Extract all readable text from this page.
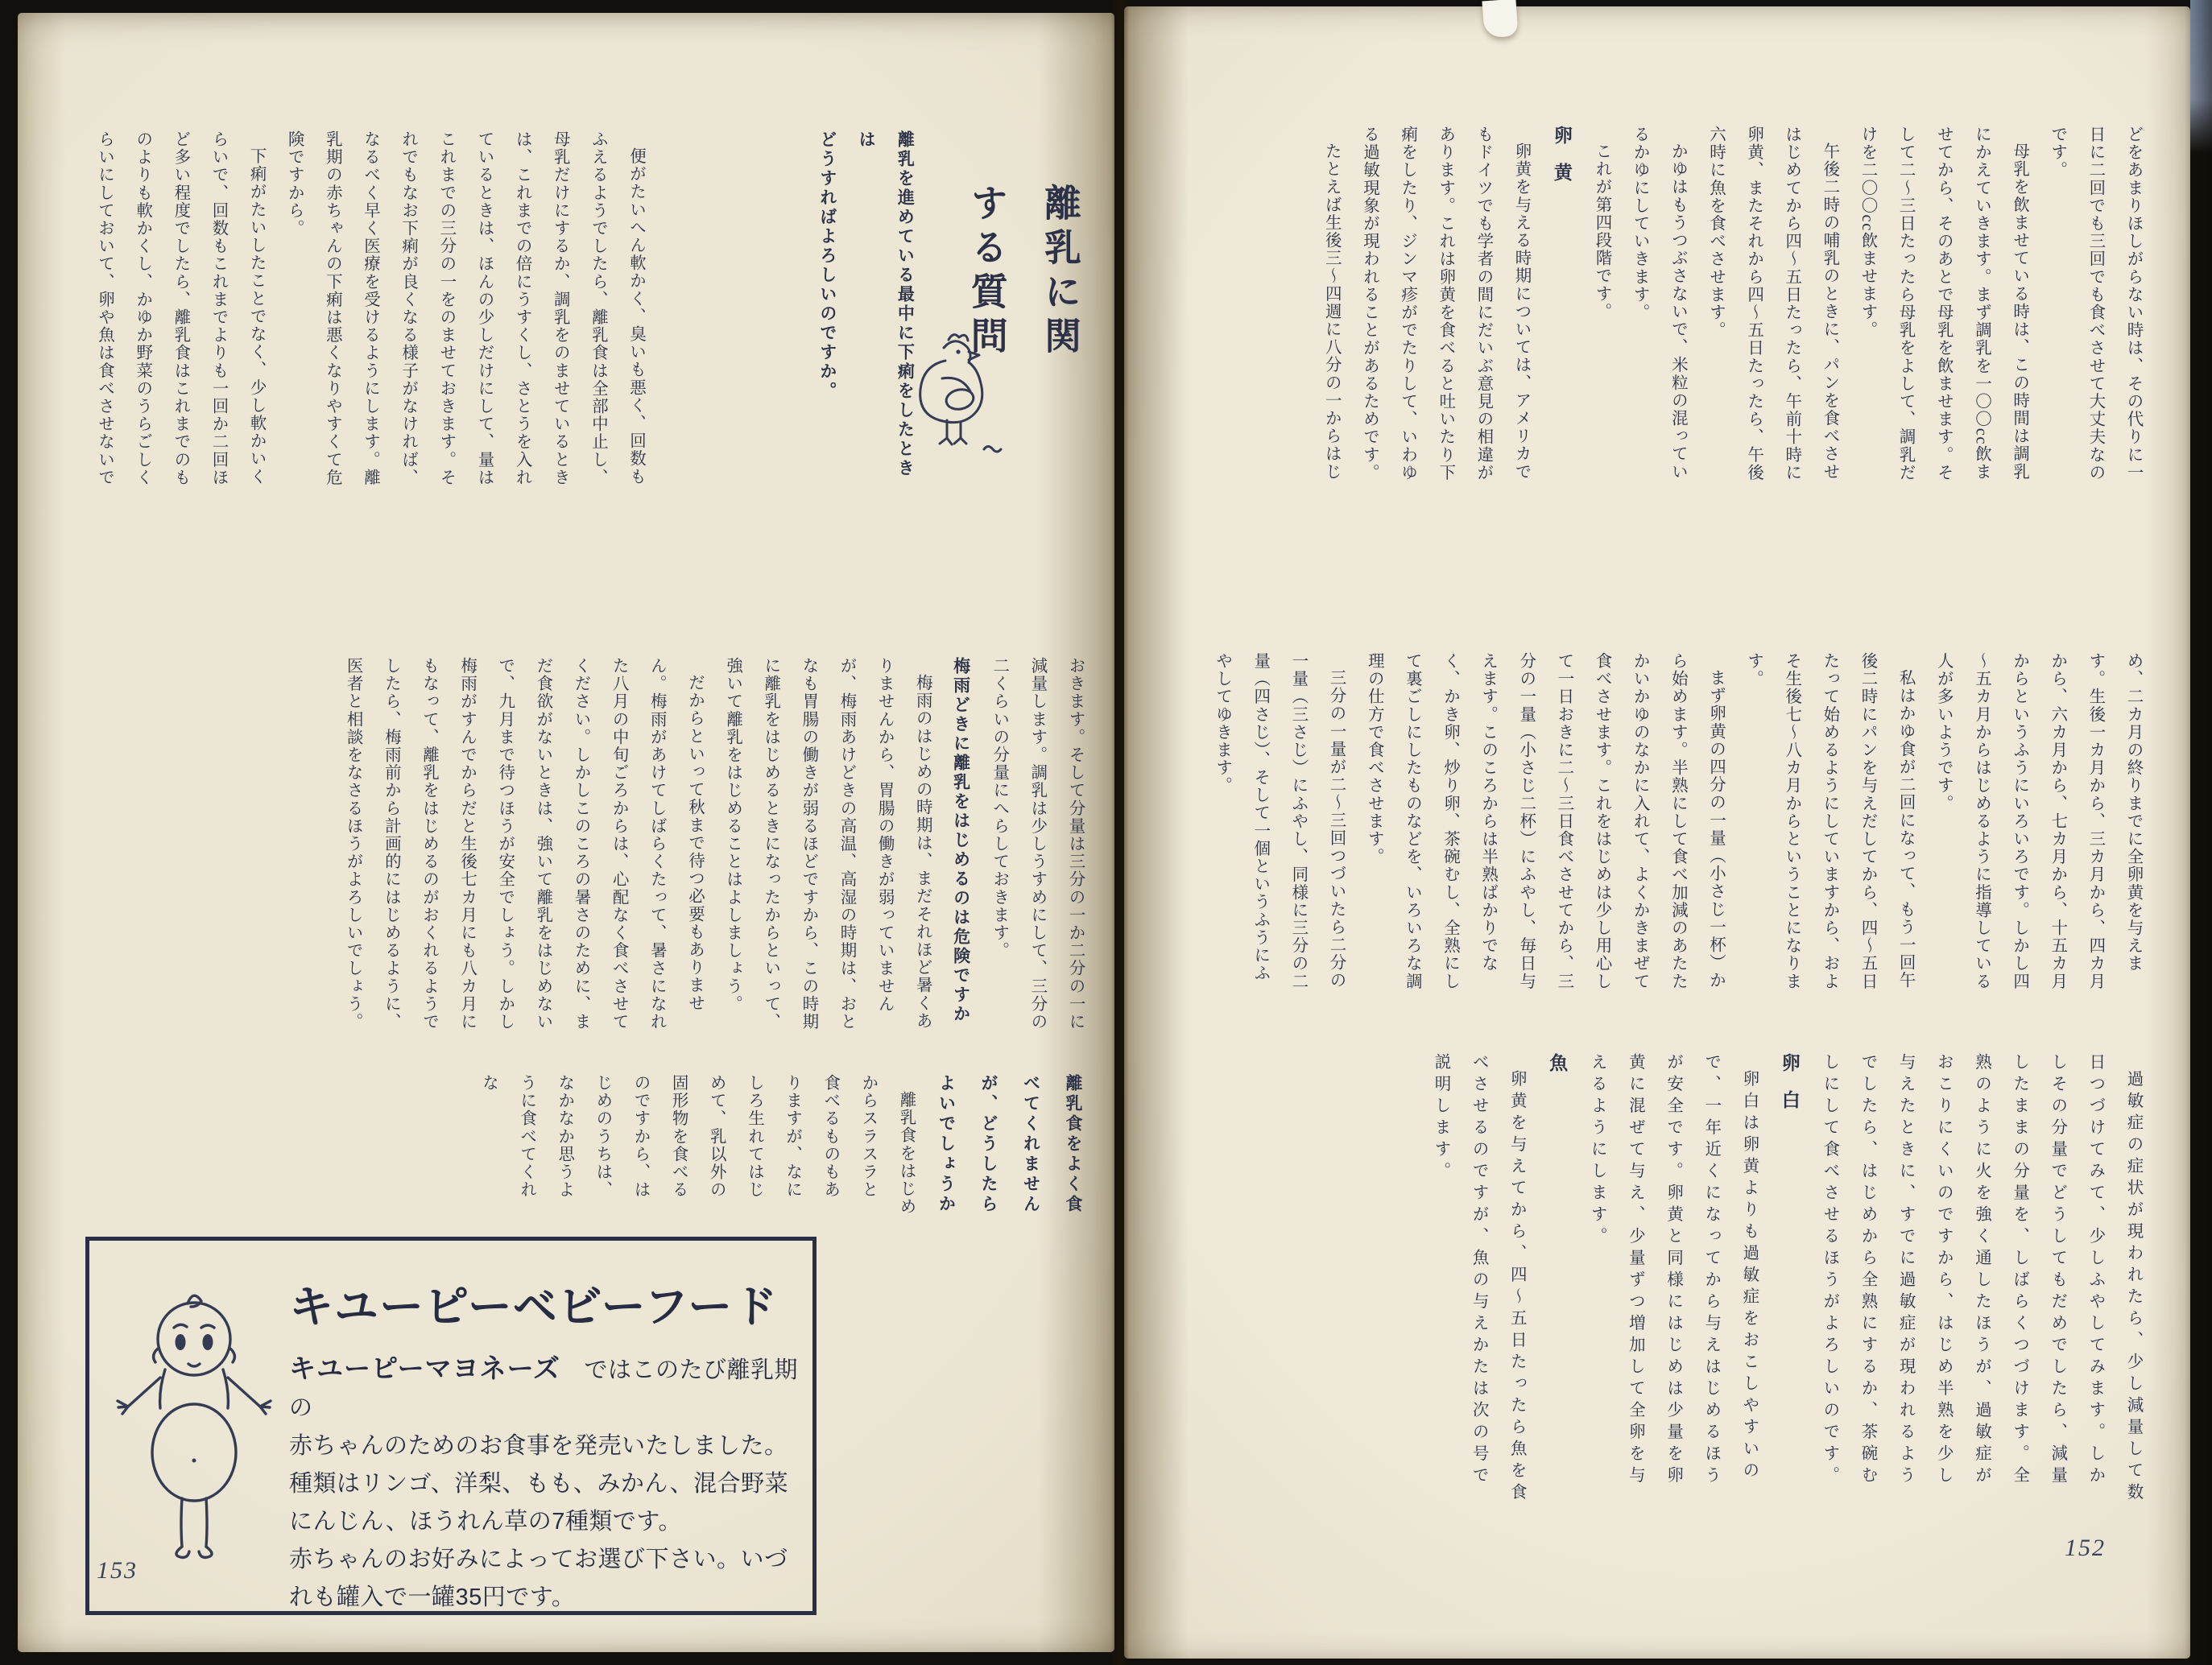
どをあまりほしがらない時は、その代りに一日に二回でも三回でも食べさせて大丈夫なのです。

母乳を飲ませている時は、この時間は調乳にかえていきます。まず調乳を一〇〇cc飲ませてから、そのあとで母乳を飲ませます。そして二～三日たったら母乳をよして、調乳だけを二〇〇cc飲ませます。

午後二時の哺乳のときに、パンを食べさせはじめてから四～五日たったら、午前十時に卵黄、またそれから四～五日たったら、午後六時に魚を食べさせます。

かゆはもうつぶさないで、米粒の混っているかゆにしていきます。

これが第四段階です。

卵黄

卵黄を与える時期については、アメリカでもドイツでも学者の間にだいぶ意見の相違があります。これは卵黄を食べると吐いたり下痢をしたり、ジンマ疹がでたりして、いわゆる過敏現象が現われることがあるためです。

たとえば生後三～四週に八分の一からはじ

め、二カ月の終りまでに全卵黄を与えます。生後一カ月から、三カ月から、四カ月から、六カ月から、七カ月から、十五カ月からというふうにいろいろです。しかし四～五カ月からはじめるように指導している人が多いようです。

私はかゆ食が二回になって、もう一回午後二時にパンを与えだしてから、四～五日たって始めるようにしていますから、およそ生後七～八カ月からということになります。

まず卵黄の四分の一量（小さじ一杯）から始めます。半熟にして食べ加減のあたたかいかゆのなかに入れて、よくかきまぜて食べさせます。これをはじめは少し用心して一日おきに二～三日食べさせてから、三分の一量（小さじ二杯）にふやし、毎日与えます。このころからは半熟ばかりでなく、かき卵、炒り卵、茶碗むし、全熟にして裏ごしにしたものなどを、いろいろな調理の仕方で食べさせます。

三分の一量が二～三回つづいたら二分の一量（三さじ）にふやし、同様に三分の二量（四さじ）、そして一個というふうにふやしてゆきます。

過敏症の症状が現われたら、少し減量して数日つづけてみて、少しふやしてみます。しかしその分量でどうしてもだめでしたら、減量したままの分量を、しばらくつづけます。全熟のように火を強く通したほうが、過敏症がおこりにくいのですから、はじめ半熟を少し与えたときに、すでに過敏症が現われるようでしたら、はじめから全熟にするか、茶碗むしにして食べさせるほうがよろしいのです。

卵白

卵白は卵黄よりも過敏症をおこしやすいので、一年近くになってから与えはじめるほうが安全です。卵黄と同様にはじめは少量を卵黄に混ぜて与え、少量ずつ増加して全卵を与えるようにします。

魚

卵黄を与えてから、四～五日たったら魚を食べさせるのですが、魚の与えかたは次の号で説明します。

152

離乳に関

する質問

離乳を進めている最中に下痢をしたときは

どうすればよろしいのですか。

便がたいへん軟かく、臭いも悪く、回数もふえるようでしたら、離乳食は全部中止し、母乳だけにするか、調乳をのませているときは、これまでの倍にうすくし、さとうを入れているときは、ほんの少しだけにして、量はこれまでの三分の一をのませておきます。それでもなお下痢が良くなる様子がなければ、なるべく早く医療を受けるようにします。離乳期の赤ちゃんの下痢は悪くなりやすくて危険ですから。

下痢がたいしたことでなく、少し軟かいくらいで、回数もこれまでよりも一回か二回ほど多い程度でしたら、離乳食はこれまでのものよりも軟かくし、かゆか野菜のうらごしくらいにしておいて、卵や魚は食べさせないで

おきます。そして分量は三分の一か二分の一に減量します。調乳は少しうすめにして、三分の二くらいの分量にへらしておきます。

梅雨どきに離乳をはじめるのは危険ですか

梅雨のはじめの時期は、まだそれほど暑くありませんから、胃腸の働きが弱っていませんが、梅雨あけどきの高温、高湿の時期は、おとなも胃腸の働きが弱るほどですから、この時期に離乳をはじめるときになったからといって、強いて離乳をはじめることはよしましょう。

だからといって秋まで待つ必要もありません。梅雨があけてしばらくたって、暑さになれた八月の中旬ごろからは、心配なく食べさせてください。しかしこのころの暑さのために、まだ食欲がないときは、強いて離乳をはじめないで、九月まで待つほうが安全でしょう。しかし梅雨がすんでからだと生後七カ月にも八カ月にもなって、離乳をはじめるのがおくれるようでしたら、梅雨前から計画的にはじめるように、医者と相談をなさるほうがよろしいでしょう。

離乳食をよく食べてくれませんが、どうしたらよいでしょうか

離乳食をはじめからスラスラと食べるものもありますが、なにしろ生れてはじめて、乳以外の固形物を食べるのですから、はじめのうちは、なかなか思うように食べてくれな

キユーピーベビーフード

キユーピーマヨネーズ　ではこのたび離乳期の

赤ちゃんのためのお食事を発売いたしました。

種類はリンゴ、洋梨、もも、みかん、混合野菜

にんじん、ほうれん草の7種類です。

赤ちゃんのお好みによってお選び下さい。いづ

れも罐入で一罐35円です。

153
